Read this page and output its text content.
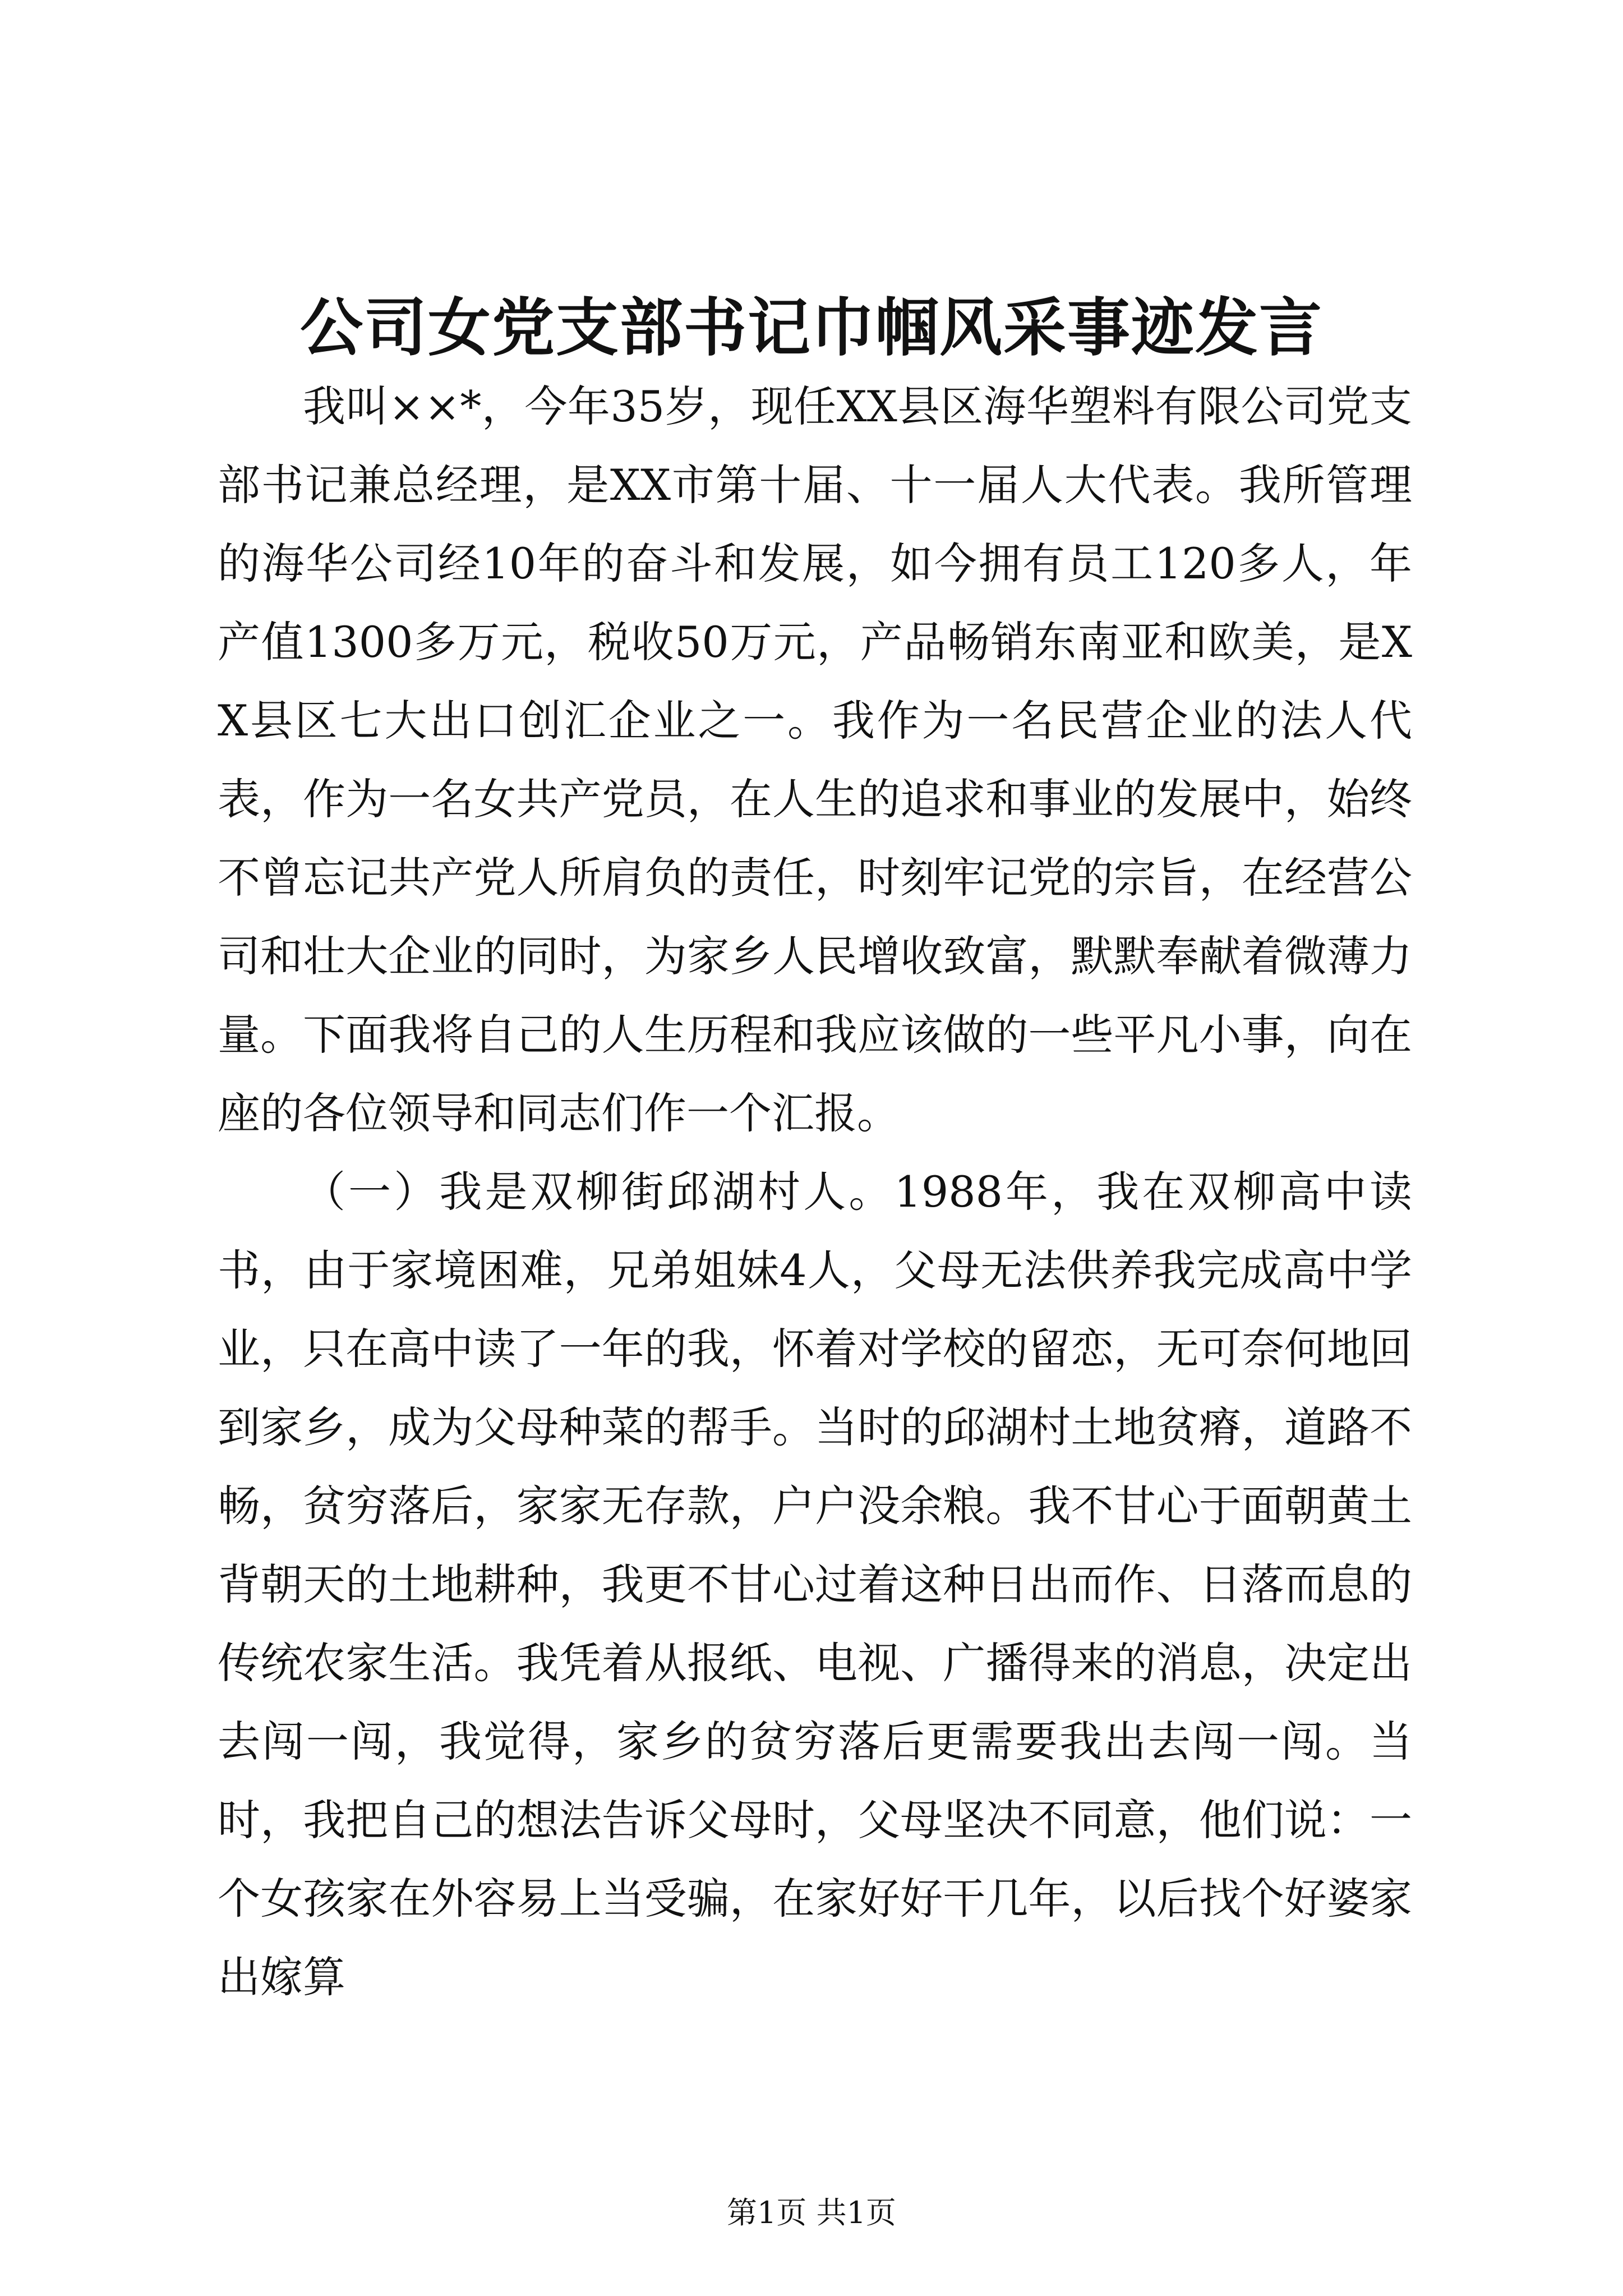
公司女党支部书记巾帼风采事迹发言

我叫××*，今年35岁，现任XX县区海华塑料有限公司党支部书记兼总经理，是XX市第十届、十一届人大代表。我所管理的海华公司经10年的奋斗和发展，如今拥有员工120多人，年产值1300多万元，税收50万元，产品畅销东南亚和欧美，是XX县区七大出口创汇企业之一。我作为一名民营企业的法人代表，作为一名女共产党员，在人生的追求和事业的发展中，始终不曾忘记共产党人所肩负的责任，时刻牢记党的宗旨，在经营公司和壮大企业的同时，为家乡人民增收致富，默默奉献着微薄力量。下面我将自己的人生历程和我应该做的一些平凡小事，向在座的各位领导和同志们作一个汇报。

（一）我是双柳街邱湖村人。1988年，我在双柳高中读书，由于家境困难，兄弟姐妹4人，父母无法供养我完成高中学业，只在高中读了一年的我，怀着对学校的留恋，无可奈何地回到家乡，成为父母种菜的帮手。当时的邱湖村土地贫瘠，道路不畅，贫穷落后，家家无存款，户户没余粮。我不甘心于面朝黄土背朝天的土地耕种，我更不甘心过着这种日出而作、日落而息的传统农家生活。我凭着从报纸、电视、广播得来的消息，决定出去闯一闯，我觉得，家乡的贫穷落后更需要我出去闯一闯。当时，我把自己的想法告诉父母时，父母坚决不同意，他们说：一个女孩家在外容易上当受骗，在家好好干几年，以后找个好婆家出嫁算

第1页 共1页
